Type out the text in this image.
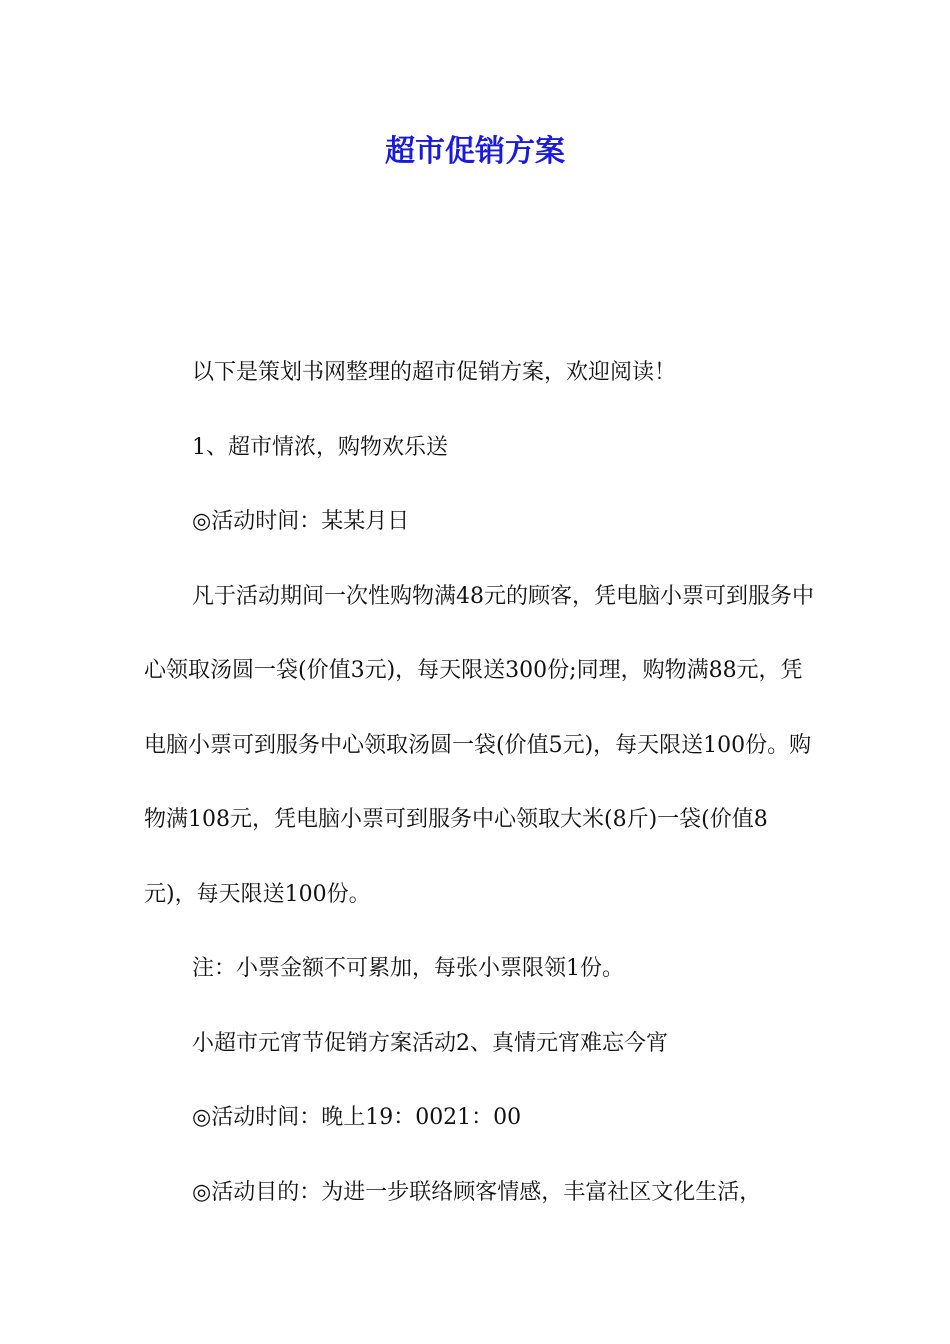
超市促销方案

以下是策划书网整理的超市促销方案，欢迎阅读！

1、超市情浓，购物欢乐送

◎活动时间：某某月日

凡于活动期间一次性购物满48元的顾客，凭电脑小票可到服务中心领取汤圆一袋(价值3元)，每天限送300份;同理，购物满88元，凭电脑小票可到服务中心领取汤圆一袋(价值5元)，每天限送100份。购物满108元，凭电脑小票可到服务中心领取大米(8斤)一袋(价值8元)，每天限送100份。

注：小票金额不可累加，每张小票限领1份。

小超市元宵节促销方案活动2、真情元宵难忘今宵

◎活动时间：晚上19：0021：00

◎活动目的：为进一步联络顾客情感，丰富社区文化生活，
